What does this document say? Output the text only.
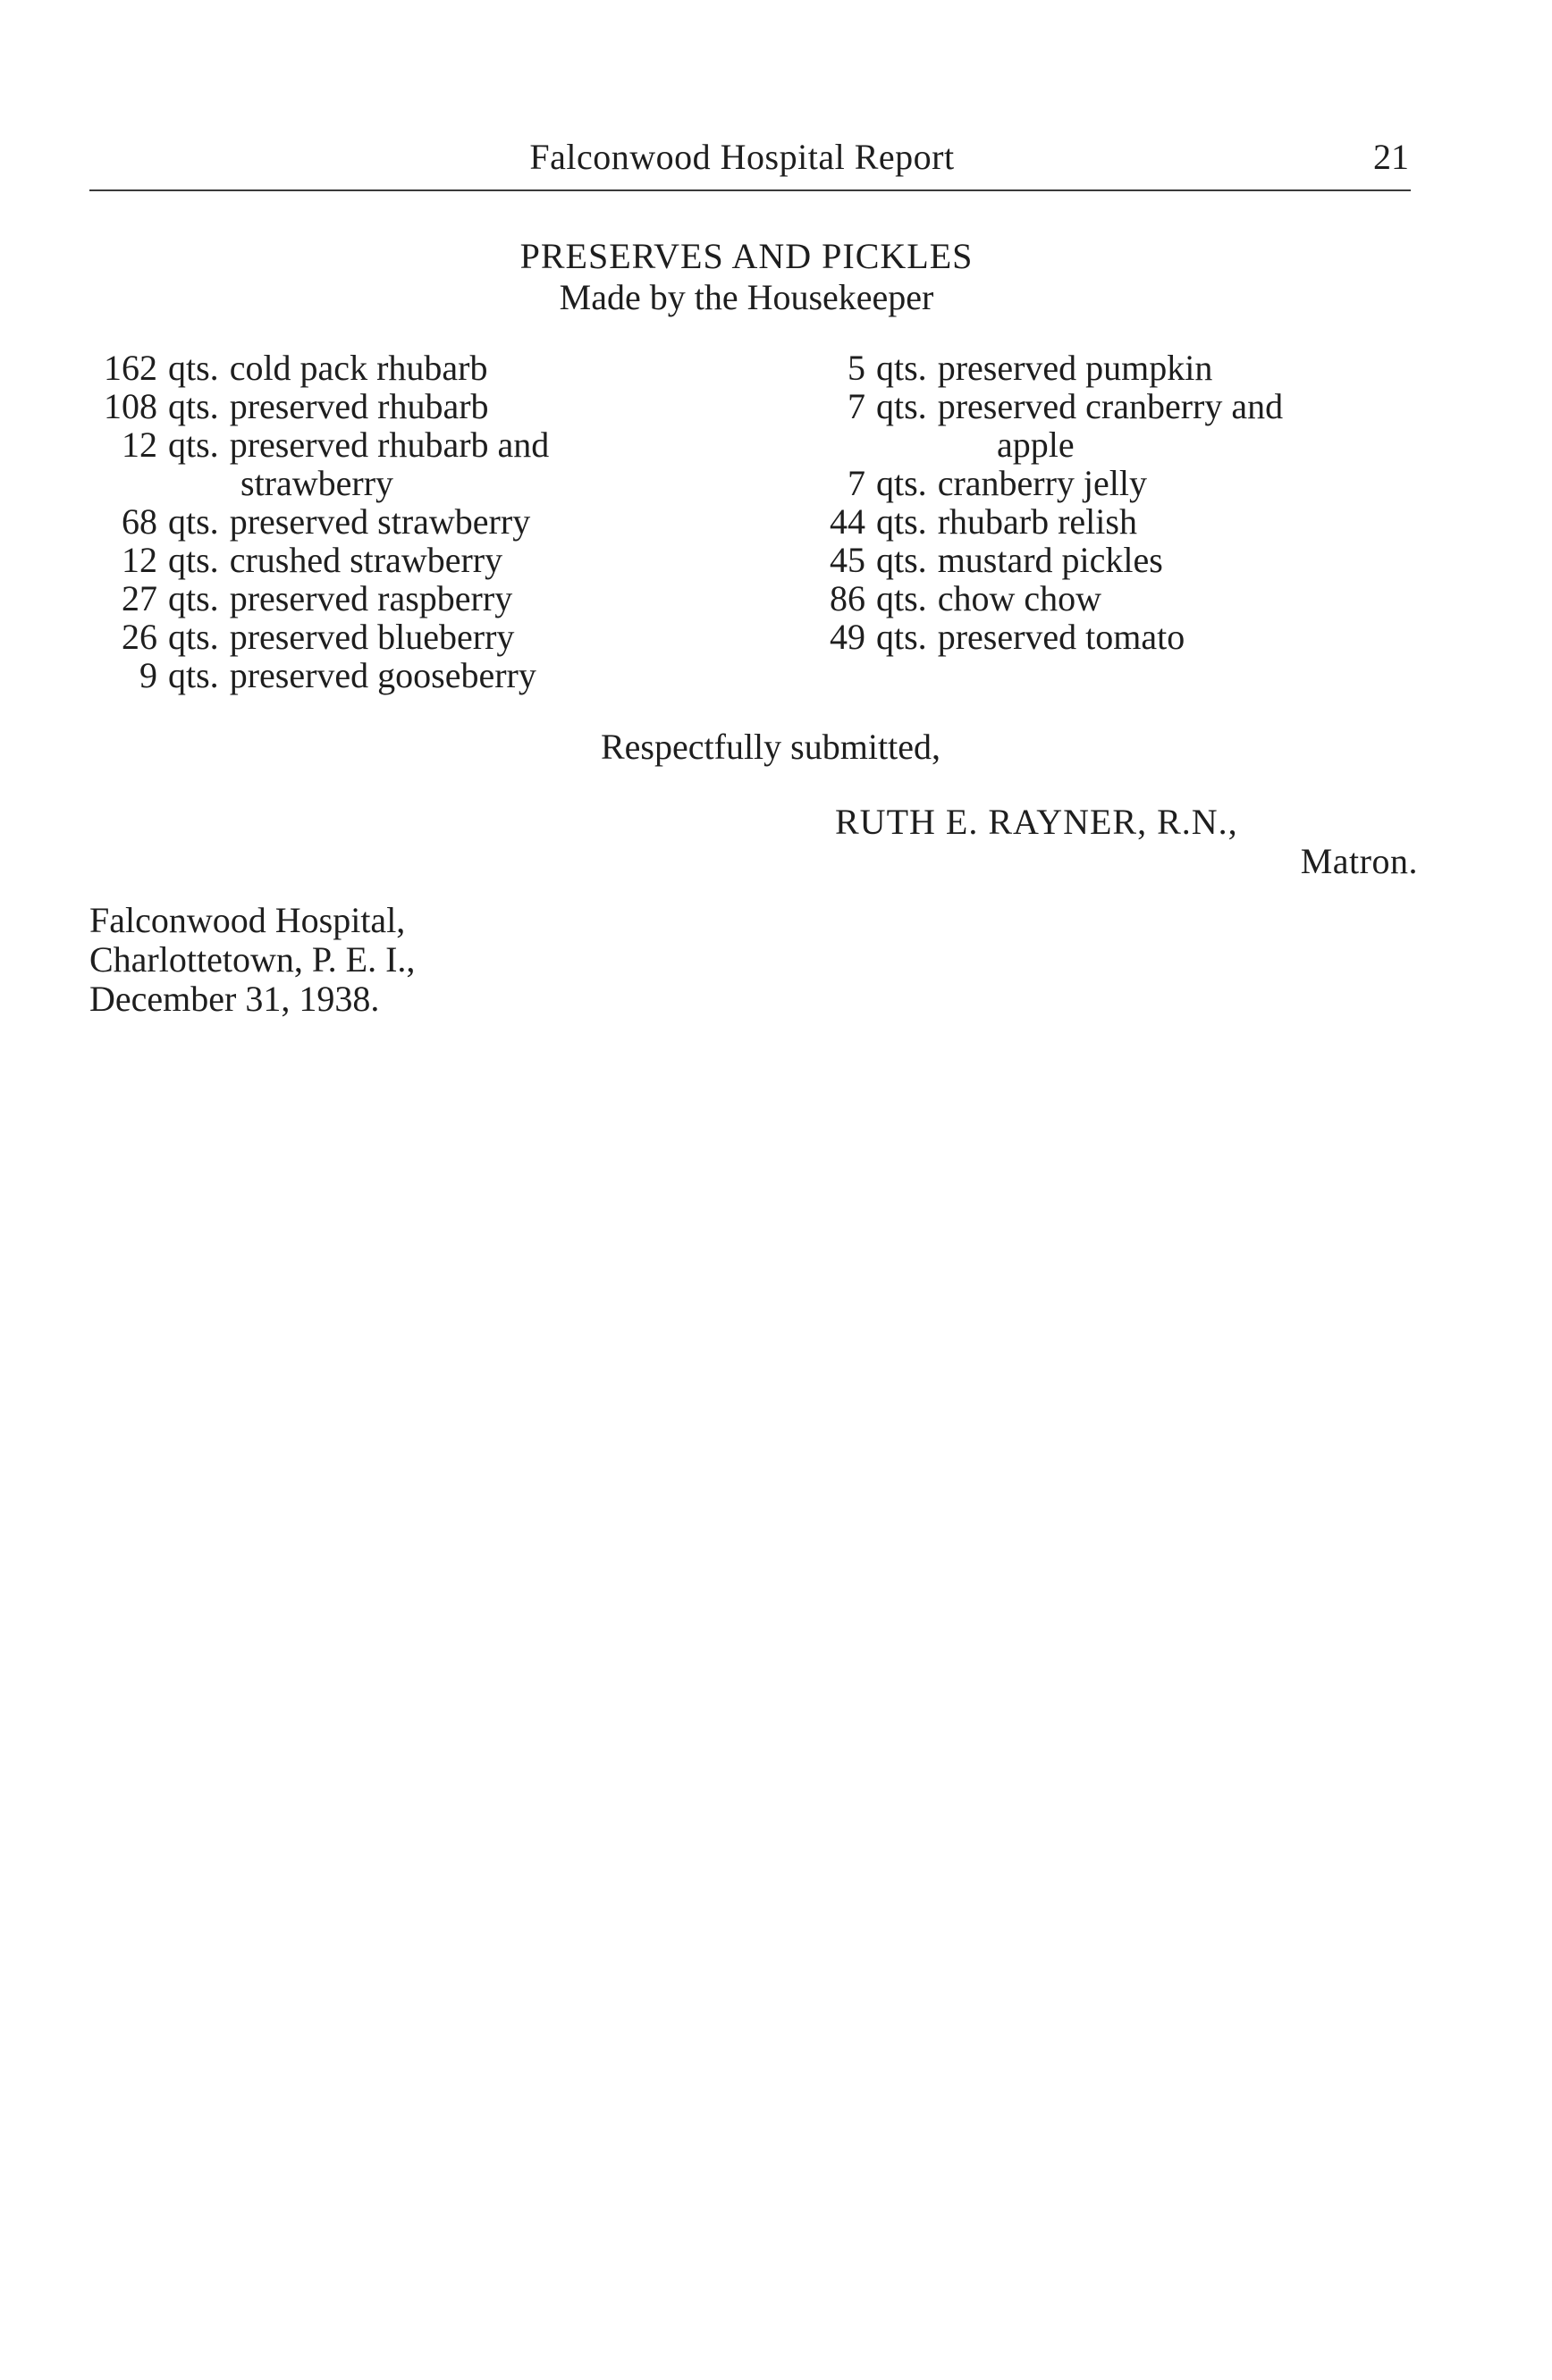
Falconwood Hospital Report	21
PRESERVES AND PICKLES
Made by the Housekeeper
162 qts. cold pack rhubarb
108 qts. preserved rhubarb
12 qts. preserved rhubarb and
strawberry
68 qts. preserved strawberry
12 qts. crushed strawberry
27 qts. preserved raspberry
26 qts. preserved blueberry
9 qts. preserved gooseberry
5 qts. preserved pumpkin
7 qts. preserved cranberry and
apple
7 qts. cranberry jelly
44 qts. rhubarb relish
45 qts. mustard pickles
86 qts. chow chow
49 qts. preserved tomato
Respectfully submitted,
RUTH E. RAYNER, R.N.,
Matron.
Falconwood Hospital,
Charlottetown, P. E. I.,
December 31, 1938.
